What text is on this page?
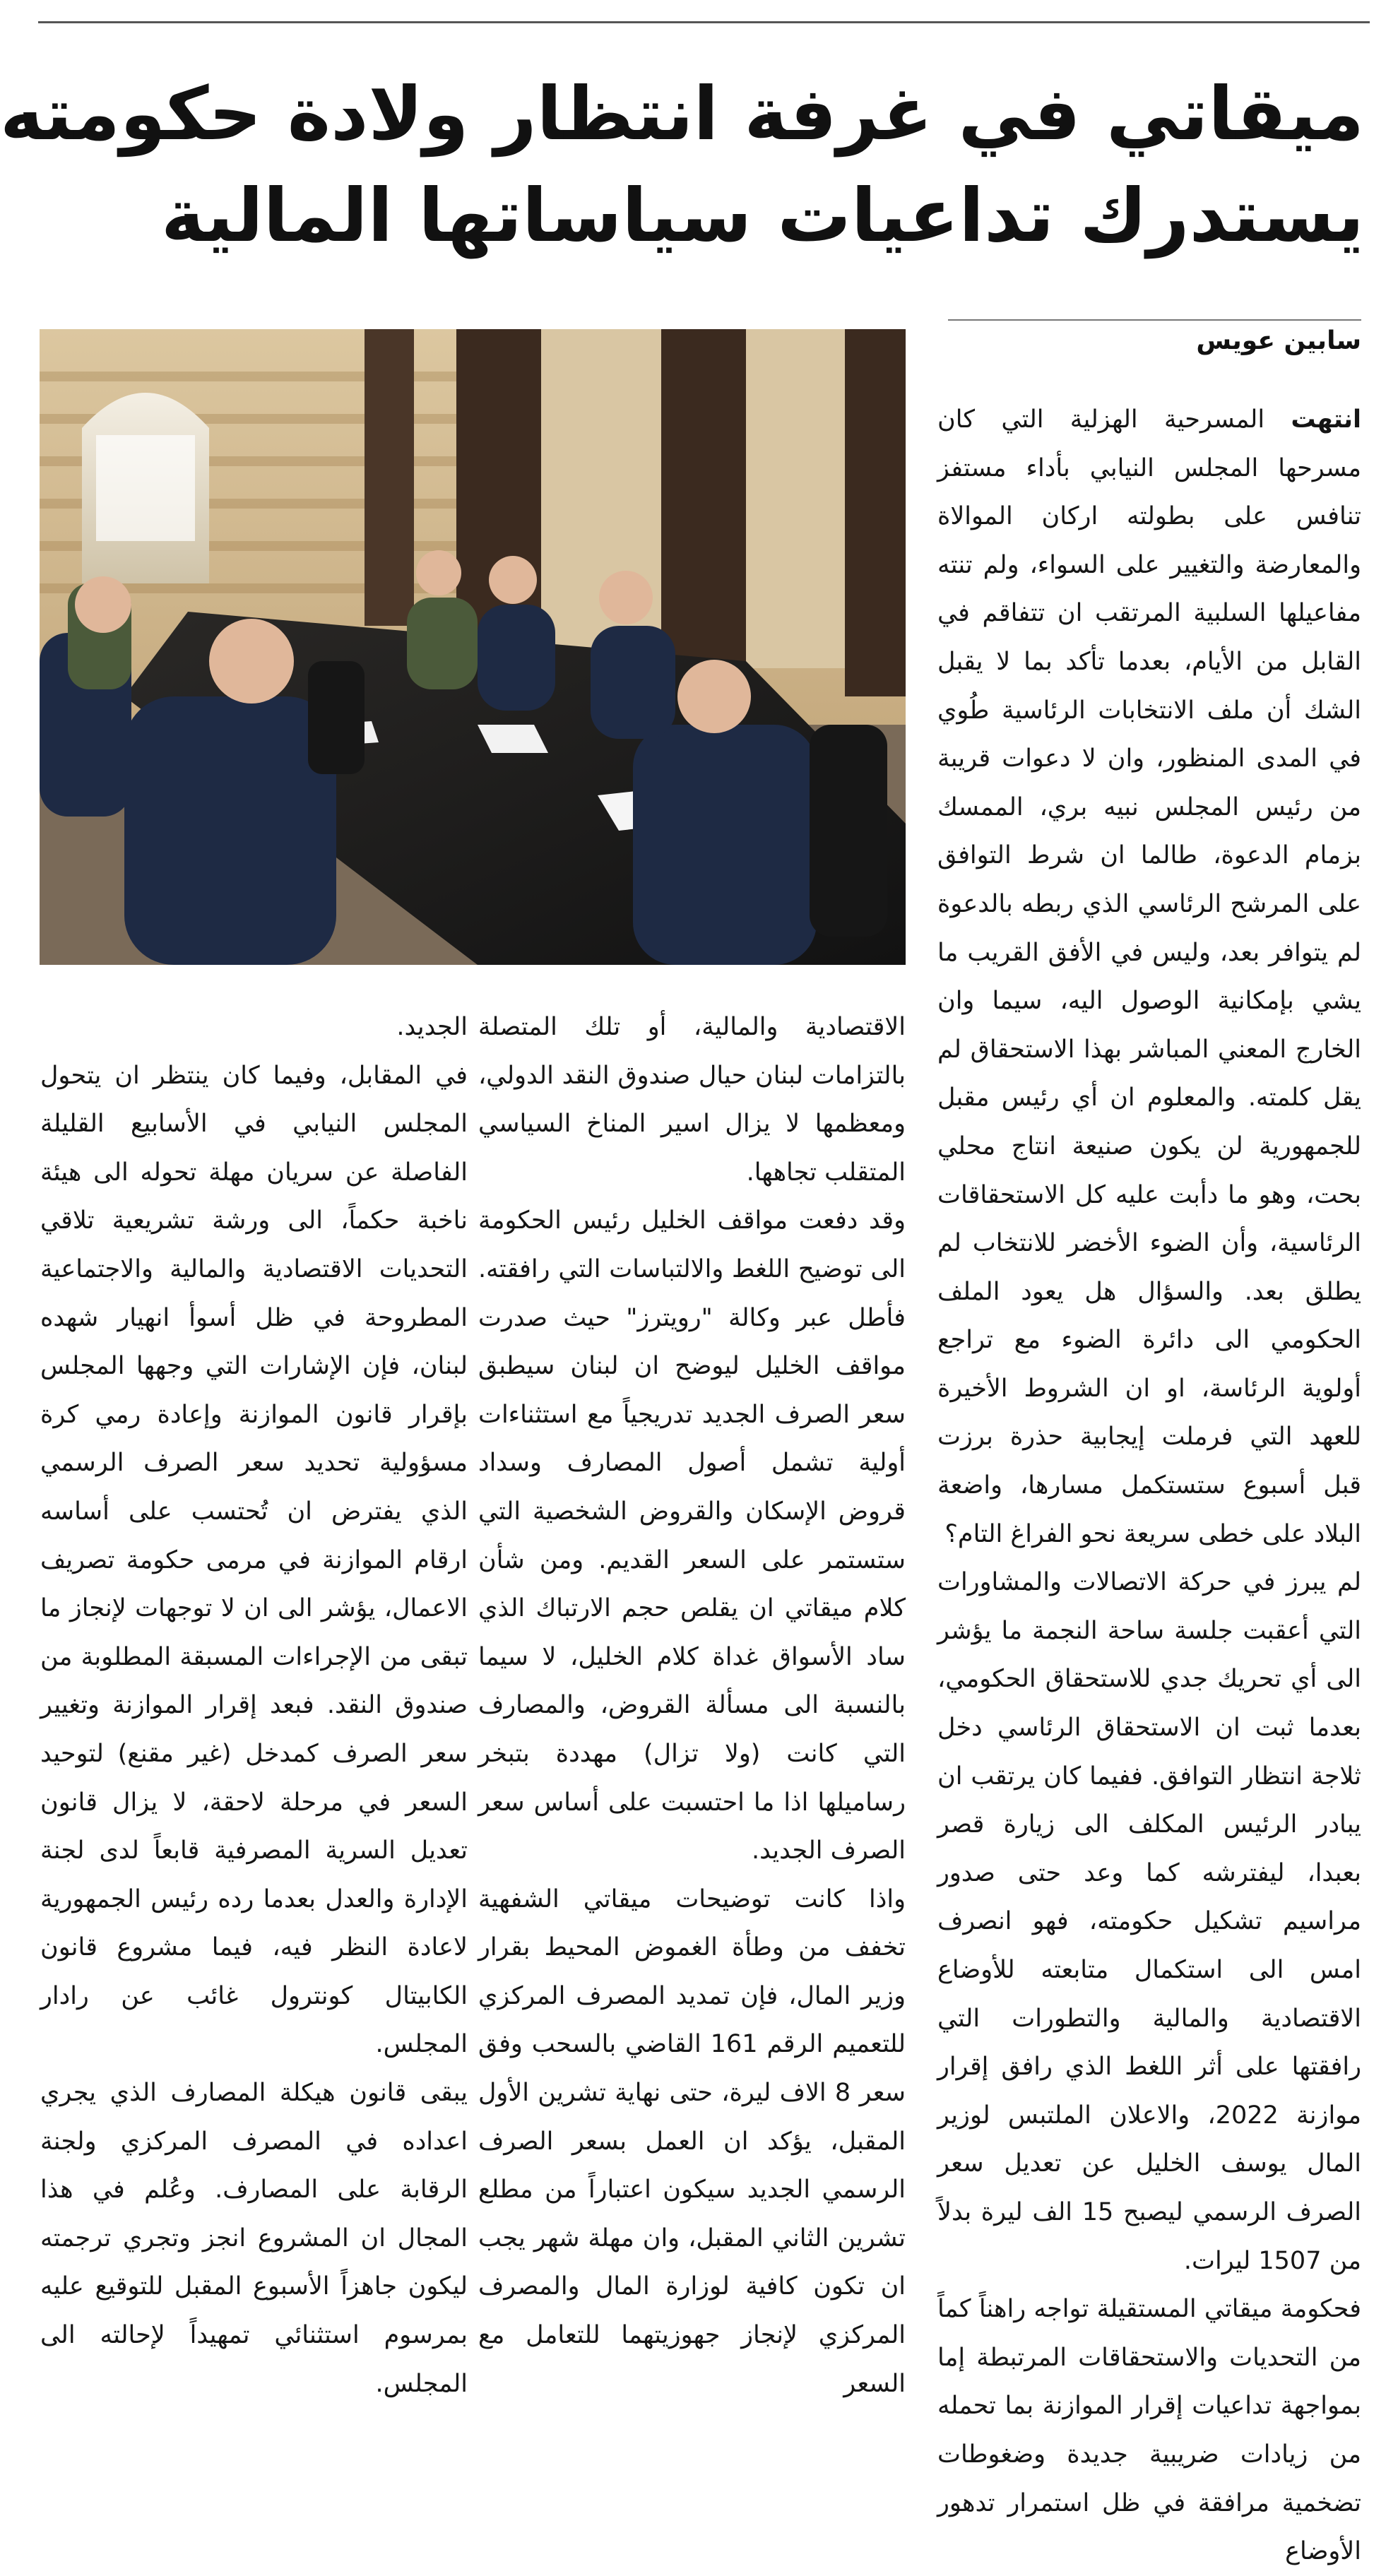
ميقاتي في غرفة انتظار ولادة حكومته
يستدرك تداعيات سياساتها المالية
سابين عويس

انتهت المسرحية الهزلية التي كان مسرحها المجلس النيابي بأداء مستفز تنافس على بطولته اركان الموالاة والمعارضة والتغيير على السواء، ولم تنته مفاعيلها السلبية المرتقب ان تتفاقم في القابل من الأيام، بعدما تأكد بما لا يقبل الشك أن ملف الانتخابات الرئاسية طُوي في المدى المنظور، وان لا دعوات قريبة من رئيس المجلس نبيه بري، الممسك بزمام الدعوة، طالما ان شرط التوافق على المرشح الرئاسي الذي ربطه بالدعوة لم يتوافر بعد، وليس في الأفق القريب ما يشي بإمكانية الوصول اليه، سيما وان الخارج المعني المباشر بهذا الاستحقاق لم يقل كلمته. والمعلوم ان أي رئيس مقبل للجمهورية لن يكون صنيعة انتاج محلي بحت، وهو ما دأبت عليه كل الاستحقاقات الرئاسية، وأن الضوء الأخضر للانتخاب لم يطلق بعد. والسؤال هل يعود الملف الحكومي الى دائرة الضوء مع تراجع أولوية الرئاسة، او ان الشروط الأخيرة للعهد التي فرملت إيجابية حذرة برزت قبل أسبوع ستستكمل مسارها، واضعة البلاد على خطى سريعة نحو الفراغ التام؟

لم يبرز في حركة الاتصالات والمشاورات التي أعقبت جلسة ساحة النجمة ما يؤشر الى أي تحريك جدي للاستحقاق الحكومي، بعدما ثبت ان الاستحقاق الرئاسي دخل ثلاجة انتظار التوافق. ففيما كان يرتقب ان يبادر الرئيس المكلف الى زيارة قصر بعبدا، ليفترشه كما وعد حتى صدور مراسيم تشكيل حكومته، فهو انصرف امس الى استكمال متابعته للأوضاع الاقتصادية والمالية والتطورات التي رافقتها على أثر اللغط الذي رافق إقرار موازنة 2022، والاعلان الملتبس لوزير المال يوسف الخليل عن تعديل سعر الصرف الرسمي ليصبح 15 الف ليرة بدلاً من 1507 ليرات.

فحكومة ميقاتي المستقيلة تواجه راهناً كماً من التحديات والاستحقاقات المرتبطة إما بمواجهة تداعيات إقرار الموازنة بما تحمله من زيادات ضريبية جديدة وضغوطات تضخمية مرافقة في ظل استمرار تدهور الأوضاع

الاقتصادية والمالية، أو تلك المتصلة بالتزامات لبنان حيال صندوق النقد الدولي، ومعظمها لا يزال اسير المناخ السياسي المتقلب تجاهها.

وقد دفعت مواقف الخليل رئيس الحكومة الى توضيح اللغط والالتباسات التي رافقته. فأطل عبر وكالة "رويترز" حيث صدرت مواقف الخليل ليوضح ان لبنان سيطبق سعر الصرف الجديد تدريجياً مع استثناءات أولية تشمل أصول المصارف وسداد قروض الإسكان والقروض الشخصية التي ستستمر على السعر القديم. ومن شأن كلام ميقاتي ان يقلص حجم الارتباك الذي ساد الأسواق غداة كلام الخليل، لا سيما بالنسبة الى مسألة القروض، والمصارف التي كانت (ولا تزال) مهددة بتبخر رساميلها اذا ما احتسبت على أساس سعر الصرف الجديد.

واذا كانت توضيحات ميقاتي الشفهية تخفف من وطأة الغموض المحيط بقرار وزير المال، فإن تمديد المصرف المركزي للتعميم الرقم 161 القاضي بالسحب وفق سعر 8 الاف ليرة، حتى نهاية تشرين الأول المقبل، يؤكد ان العمل بسعر الصرف الرسمي الجديد سيكون اعتباراً من مطلع تشرين الثاني المقبل، وان مهلة شهر يجب ان تكون كافية لوزارة المال والمصرف المركزي لإنجاز جهوزيتهما للتعامل مع السعر

الجديد.

في المقابل، وفيما كان ينتظر ان يتحول المجلس النيابي في الأسابيع القليلة الفاصلة عن سريان مهلة تحوله الى هيئة ناخبة حكماً، الى ورشة تشريعية تلاقي التحديات الاقتصادية والمالية والاجتماعية المطروحة في ظل أسوأ انهيار شهده لبنان، فإن الإشارات التي وجهها المجلس بإقرار قانون الموازنة وإعادة رمي كرة مسؤولية تحديد سعر الصرف الرسمي الذي يفترض ان تُحتسب على أساسه ارقام الموازنة في مرمى حكومة تصريف الاعمال، يؤشر الى ان لا توجهات لإنجاز ما تبقى من الإجراءات المسبقة المطلوبة من صندوق النقد. فبعد إقرار الموازنة وتغيير سعر الصرف كمدخل (غير مقنع) لتوحيد السعر في مرحلة لاحقة، لا يزال قانون تعديل السرية المصرفية قابعاً لدى لجنة الإدارة والعدل بعدما رده رئيس الجمهورية لاعادة النظر فيه، فيما مشروع قانون الكابيتال كونترول غائب عن رادار المجلس.

يبقى قانون هيكلة المصارف الذي يجري اعداده في المصرف المركزي ولجنة الرقابة على المصارف. وعُلم في هذا المجال ان المشروع انجز وتجري ترجمته ليكون جاهزاً الأسبوع المقبل للتوقيع عليه بمرسوم استثنائي تمهيداً لإحالته الى المجلس.
